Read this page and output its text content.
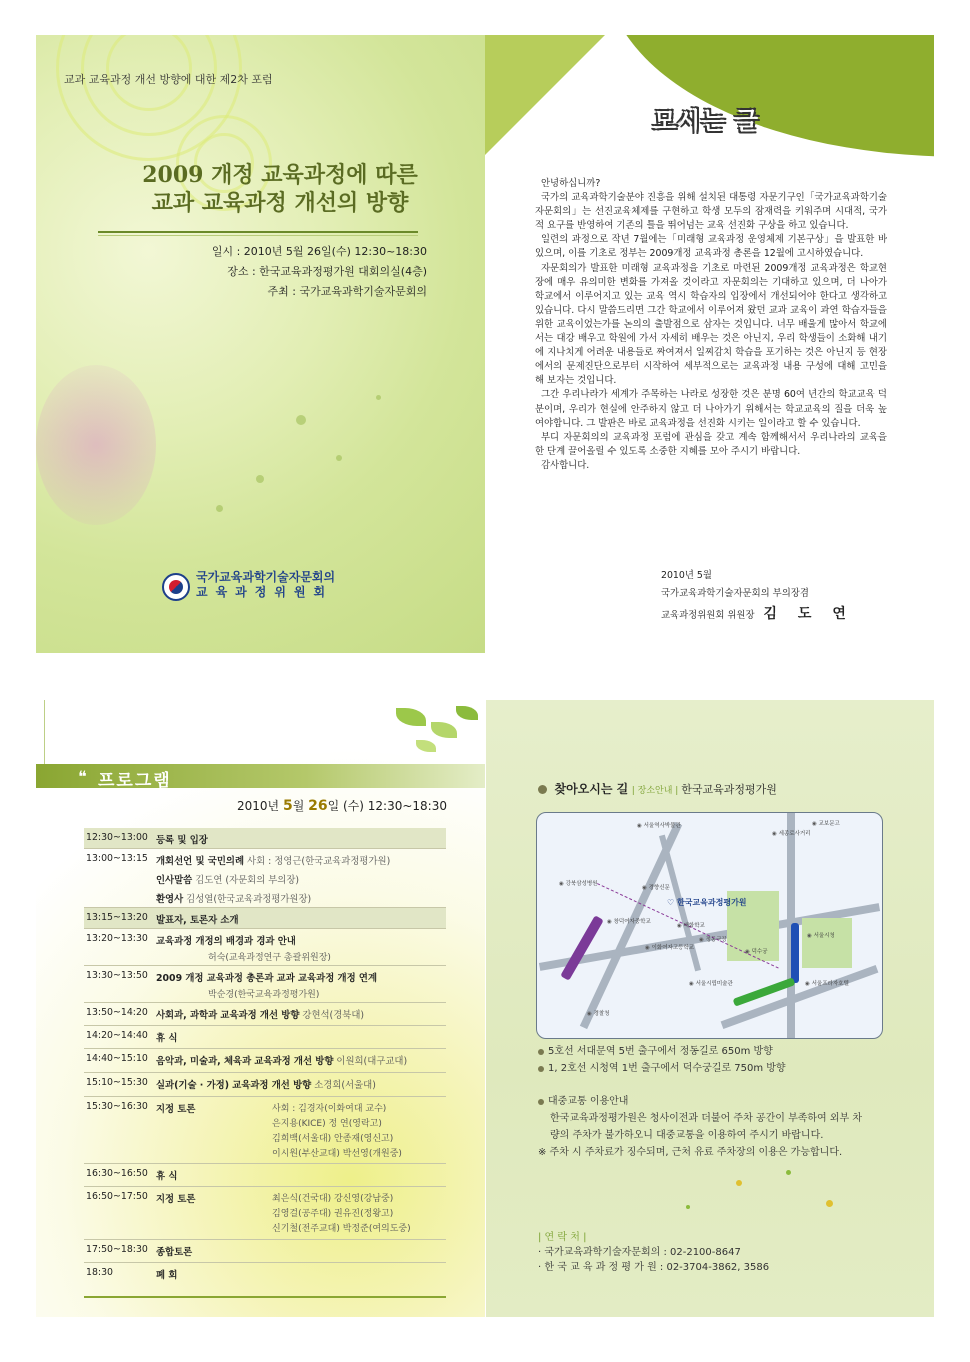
교과 교육과정 개선 방향에 대한 제2차 포럼
2009 개정 교육과정에 따른
교과 교육과정 개선의 방향
일시 : 2010년 5월 26일(수) 12:30~18:30
장소 : 한국교육과정평가원 대회의실(4층)
주최 : 국가교육과학기술자문회의
국가교육과학기술자문회의
교육과정위원회
모시는 글

안녕하십니까?

국가의 교육과학기술분야 진흥을 위해 설치된 대통령 자문기구인「국가교육과학기술자문회의」는 선진교육체제를 구현하고 학생 모두의 잠재력을 키워주며 시대적, 국가적 요구를 반영하여 기존의 틀을 뛰어넘는 교육 선진화 구상을 하고 있습니다.

일련의 과정으로 작년 7월에는「미래형 교육과정 운영체제 기본구상」을 발표한 바 있으며, 이를 기초로 정부는 2009개정 교육과정 총론을 12월에 고시하였습니다.

자문회의가 발표한 미래형 교육과정을 기초로 마련된 2009개정 교육과정은 학교현장에 매우 유의미한 변화를 가져올 것이라고 자문회의는 기대하고 있으며, 더 나아가 학교에서 이루어지고 있는 교육 역시 학습자의 입장에서 개선되어야 한다고 생각하고 있습니다. 다시 말씀드리면 그간 학교에서 이루어져 왔던 교과 교육이 과연 학습자들을 위한 교육이었는가를 논의의 출발점으로 삼자는 것입니다. 너무 배울게 많아서 학교에서는 대강 배우고 학원에 가서 자세히 배우는 것은 아닌지, 우리 학생들이 소화해 내기에 지나치게 어려운 내용들로 짜여져서 일찌감치 학습을 포기하는 것은 아닌지 등 현장에서의 문제진단으로부터 시작하여 세부적으로는 교육과정 내용 구성에 대해 고민을 해 보자는 것입니다.

그간 우리나라가 세계가 주목하는 나라로 성장한 것은 분명 60여 년간의 학교교육 덕분이며, 우리가 현실에 안주하지 않고 더 나아가기 위해서는 학교교육의 질을 더욱 높여야합니다. 그 발판은 바로 교육과정을 선진화 시키는 일이라고 할 수 있습니다.

부디 자문회의의 교육과정 포럼에 관심을 갖고 계속 함께해서서 우리나라의 교육을 한 단계 끌어올릴 수 있도록 소중한 지혜를 모아 주시기 바랍니다.

감사합니다.

2010년 5월
국가교육과학기술자문회의 부의장겸
교육과정위원회 위원장 김 도 연
❝ 프로그램
2010년 5월 26일 (수) 12:30~18:30
12:30~13:00 등록 및 입장
13:00~13:15 개회선언 및 국민의례 사회 : 정영근(한국교육과정평가원)
인사말씀 김도연 (자문회의 부의장)
환영사 김성열(한국교육과정평가원장)
13:15~13:20 발표자, 토론자 소개
13:20~13:30 교육과정 개정의 배경과 경과 안내
허숙(교육과정연구 총괄위원장)
13:30~13:50 2009 개정 교육과정 총론과 교과 교육과정 개정 연계
박순경(한국교육과정평가원)
13:50~14:20 사회과, 과학과 교육과정 개선 방향 강현석(경북대)
14:20~14:40 휴 식
14:40~15:10 음악과, 미술과, 체육과 교육과정 개선 방향 이원희(대구교대)
15:10~15:30 실과(기술 · 가정) 교육과정 개선 방향 소경희(서울대)
15:30~16:30 지정 토론	사회 : 김경자(이화여대 교수)
은지용(KICE) 정 연(영락고)
김희백(서울대) 안종재(영신고)
이시원(부산교대) 박선영(개원중)
16:30~16:50 휴 식
16:50~17:50 지정 토론	최은식(건국대) 강신영(강남중)
김영걸(공주대) 권유진(정왕고)
신기철(전주교대) 박정준(여의도중)
17:50~18:30 종합토론
18:30	폐 회
찾아오시는 길 | 장소안내 | 한국교육과정평가원
♡ 한국교육과정평가원
◉ 서울역사박물관	◉ 교보문고
◉ 세종로사거리
◉ 강북삼성병원
◉ 경향신문
◉ 창덕여자중학교
◉ 배화학교
◉ 정동극장
◉ 이화여자고등학교
◉ 덕수궁
◉ 서울시청
◉ 서울시립미술관	◉ 서울프라자호텔
◉ 경찰청
5호선 서대문역 5번 출구에서 정동길로 650m 방향
1, 2호선 시청역 1번 출구에서 덕수궁길로 750m 방향
대중교통 이용안내
한국교육과정평가원은 청사이전과 더불어 주차 공간이 부족하여 외부 차
량의 주차가 불가하오니 대중교통을 이용하여 주시기 바랍니다.
※ 주차 시 주차료가 징수되며, 근처 유료 주차장의 이용은 가능합니다.
| 연 락 처 |
· 국가교육과학기술자문회의 : 02-2100-8647
· 한 국 교 육 과 정 평 가 원 : 02-3704-3862, 3586
